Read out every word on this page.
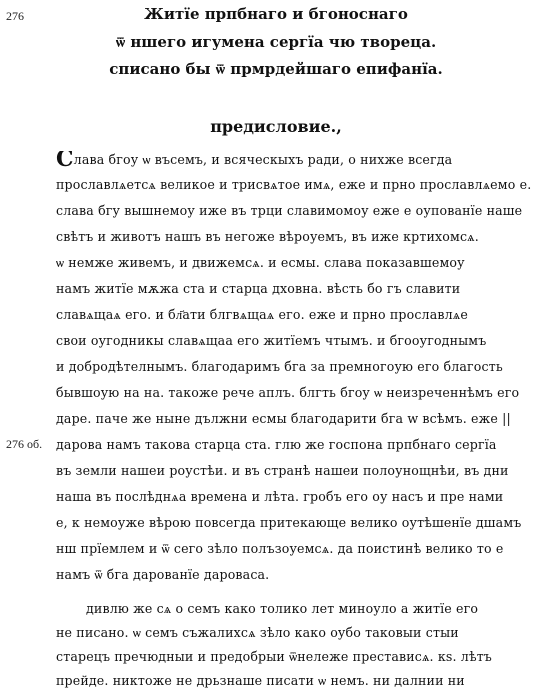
276	Житїе прпбнаго и бгоноснаго
ѿ ншего игумена сергїа чю твореца.
списано бы ѿ прмрдейшаго епифанїа.
предисловие.,
Слава бгоу ѡ въсемъ, и всяческыхъ ради, о нихже всегда
прославлѧетсѧ великое и трисвѧтое имѧ, еже и прно прославлѧемо е.
слава бгу вышнемоу иже въ трци славимомоу еже е оупованїе наше
свѣтъ и животъ нашъ въ негоже вѣроуемъ, въ иже кртихомсѧ.
ѡ немже живемъ, и движемсѧ. и есмы. слава показавшемоу
намъ житїе мѫжа ста и старца дховна. вѣсть бо гъ славити
славѧщаѧ его. и бл҃ати блгвѧщаѧ его. еже и прно прославлѧе
свои оугодникы славѧщаа его житїемъ чтымъ. и бгооугоднымъ
и добродѣтелнымъ. благодаримъ бга за премногоую его благость
бывшоую на на. такоже рече аплъ. блгть бгоу ѡ неизреченнѣмъ его
даре. паче же ныне дължни есмы благодарити бга w всѣмъ. еже ||
276 об. дарова намъ такова старца ста. глю же госпона прпбнаго сергїа
въ земли нашеи роустѣи. и въ странѣ нашеи полоунощнѣи, въ дни
наша въ послѣднѧа времена и лѣта. гробъ его оу насъ и пре нами
е, к немоуже вѣрою повсегда притекающе велико оутѣшенїе дшамъ
нш прїемлем и ѿ сего зѣло полъзоуемсѧ. да поистинѣ велико то е
намъ ѿ бга дарованїе дароваса.
дивлю же сѧ о семъ како толико лет миноуло а житїе его
не писано. ѡ семъ съжалихсѧ зѣло како оубо таковыи стыи
старецъ пречюдныи и предобрыи ѿнележе престависѧ. кѕ. лѣтъ
прейде. никтоже не дрьзнаше писати ѡ немъ. ни далнии ни
